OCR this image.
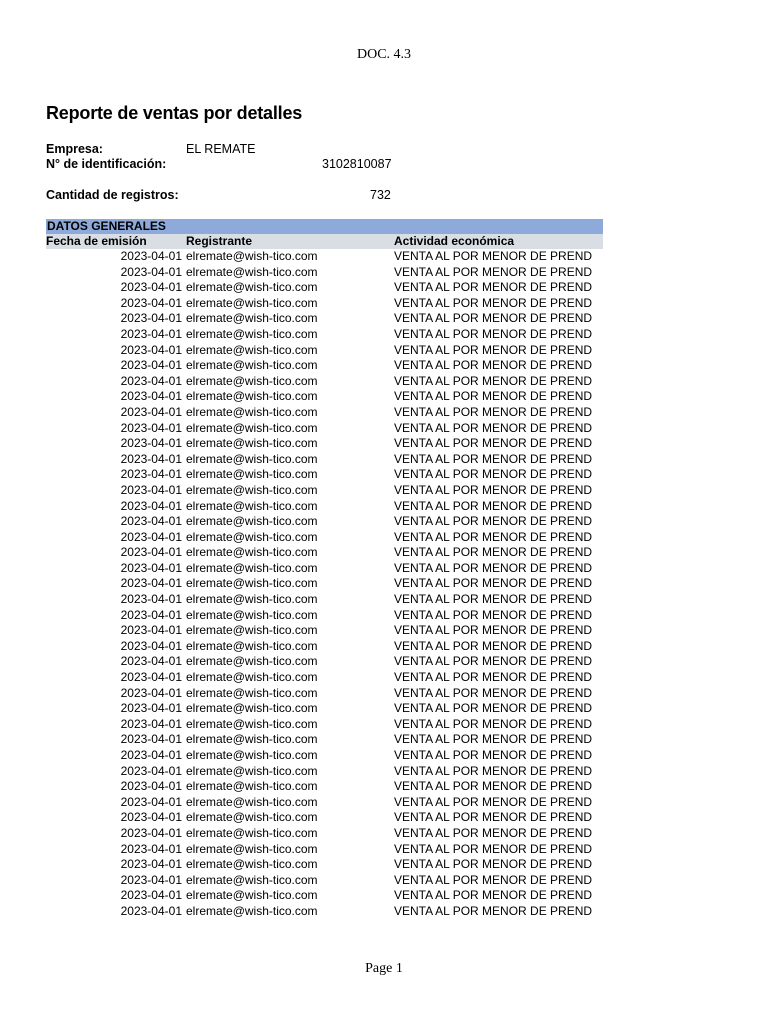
DOC. 4.3
Reporte de ventas por detalles
Empresa:	EL REMATE
N° de identificación:	3102810087
Cantidad de registros:	732
DATOS GENERALES
Fecha de emisión	Registrante	Actividad económica
2023-04-01 elremate@wish-tico.com	VENTA AL POR MENOR DE PREND
2023-04-01 elremate@wish-tico.com	VENTA AL POR MENOR DE PREND
2023-04-01 elremate@wish-tico.com	VENTA AL POR MENOR DE PREND
2023-04-01 elremate@wish-tico.com	VENTA AL POR MENOR DE PREND
2023-04-01 elremate@wish-tico.com	VENTA AL POR MENOR DE PREND
2023-04-01 elremate@wish-tico.com	VENTA AL POR MENOR DE PREND
2023-04-01 elremate@wish-tico.com	VENTA AL POR MENOR DE PREND
2023-04-01 elremate@wish-tico.com	VENTA AL POR MENOR DE PREND
2023-04-01 elremate@wish-tico.com	VENTA AL POR MENOR DE PREND
2023-04-01 elremate@wish-tico.com	VENTA AL POR MENOR DE PREND
2023-04-01 elremate@wish-tico.com	VENTA AL POR MENOR DE PREND
2023-04-01 elremate@wish-tico.com	VENTA AL POR MENOR DE PREND
2023-04-01 elremate@wish-tico.com	VENTA AL POR MENOR DE PREND
2023-04-01 elremate@wish-tico.com	VENTA AL POR MENOR DE PREND
2023-04-01 elremate@wish-tico.com	VENTA AL POR MENOR DE PREND
2023-04-01 elremate@wish-tico.com	VENTA AL POR MENOR DE PREND
2023-04-01 elremate@wish-tico.com	VENTA AL POR MENOR DE PREND
2023-04-01 elremate@wish-tico.com	VENTA AL POR MENOR DE PREND
2023-04-01 elremate@wish-tico.com	VENTA AL POR MENOR DE PREND
2023-04-01 elremate@wish-tico.com	VENTA AL POR MENOR DE PREND
2023-04-01 elremate@wish-tico.com	VENTA AL POR MENOR DE PREND
2023-04-01 elremate@wish-tico.com	VENTA AL POR MENOR DE PREND
2023-04-01 elremate@wish-tico.com	VENTA AL POR MENOR DE PREND
2023-04-01 elremate@wish-tico.com	VENTA AL POR MENOR DE PREND
2023-04-01 elremate@wish-tico.com	VENTA AL POR MENOR DE PREND
2023-04-01 elremate@wish-tico.com	VENTA AL POR MENOR DE PREND
2023-04-01 elremate@wish-tico.com	VENTA AL POR MENOR DE PREND
2023-04-01 elremate@wish-tico.com	VENTA AL POR MENOR DE PREND
2023-04-01 elremate@wish-tico.com	VENTA AL POR MENOR DE PREND
2023-04-01 elremate@wish-tico.com	VENTA AL POR MENOR DE PREND
2023-04-01 elremate@wish-tico.com	VENTA AL POR MENOR DE PREND
2023-04-01 elremate@wish-tico.com	VENTA AL POR MENOR DE PREND
2023-04-01 elremate@wish-tico.com	VENTA AL POR MENOR DE PREND
2023-04-01 elremate@wish-tico.com	VENTA AL POR MENOR DE PREND
2023-04-01 elremate@wish-tico.com	VENTA AL POR MENOR DE PREND
2023-04-01 elremate@wish-tico.com	VENTA AL POR MENOR DE PREND
2023-04-01 elremate@wish-tico.com	VENTA AL POR MENOR DE PREND
2023-04-01 elremate@wish-tico.com	VENTA AL POR MENOR DE PREND
2023-04-01 elremate@wish-tico.com	VENTA AL POR MENOR DE PREND
2023-04-01 elremate@wish-tico.com	VENTA AL POR MENOR DE PREND
2023-04-01 elremate@wish-tico.com	VENTA AL POR MENOR DE PREND
2023-04-01 elremate@wish-tico.com	VENTA AL POR MENOR DE PREND
2023-04-01 elremate@wish-tico.com	VENTA AL POR MENOR DE PREND
Page 1
